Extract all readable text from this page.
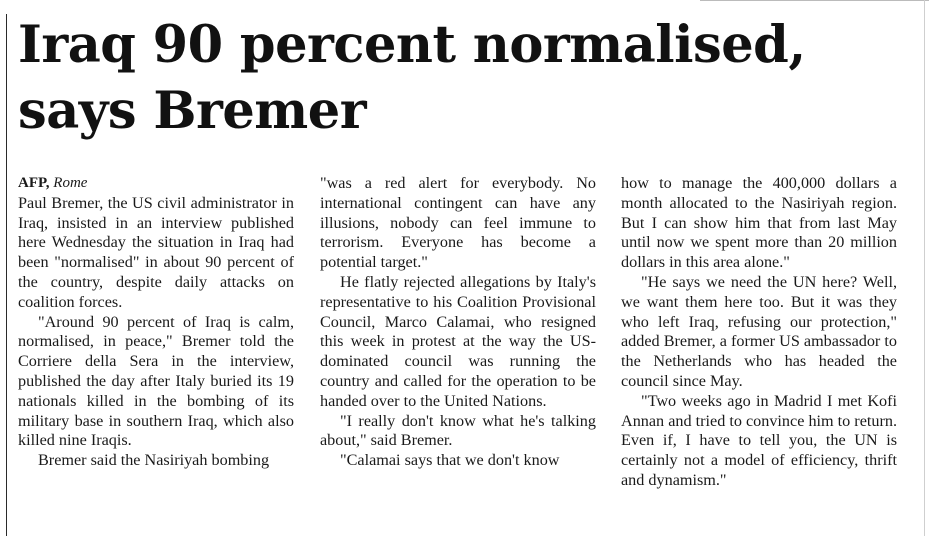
Iraq 90 percent normalised, says Bremer

AFP, Rome

Paul Bremer, the US civil administrator in Iraq, insisted in an interview published here Wednesday the situation in Iraq had been "normalised" in about 90 percent of the country, despite daily attacks on coalition forces.

"Around 90 percent of Iraq is calm, normalised, in peace," Bremer told the Corriere della Sera in the interview, published the day after Italy buried its 19 nationals killed in the bombing of its military base in southern Iraq, which also killed nine Iraqis.

Bremer said the Nasiriyah bombing

"was a red alert for everybody. No international contingent can have any illusions, nobody can feel immune to terrorism. Everyone has become a potential target."

He flatly rejected allegations by Italy's representative to his Coalition Provisional Council, Marco Calamai, who resigned this week in protest at the way the US-dominated council was running the country and called for the operation to be handed over to the United Nations.

"I really don't know what he's talking about," said Bremer.

"Calamai says that we don't know

how to manage the 400,000 dollars a month allocated to the Nasiriyah region. But I can show him that from last May until now we spent more than 20 million dollars in this area alone."

"He says we need the UN here? Well, we want them here too. But it was they who left Iraq, refusing our protection," added Bremer, a former US ambassador to the Netherlands who has headed the council since May.

"Two weeks ago in Madrid I met Kofi Annan and tried to convince him to return. Even if, I have to tell you, the UN is certainly not a model of efficiency, thrift and dynamism."
